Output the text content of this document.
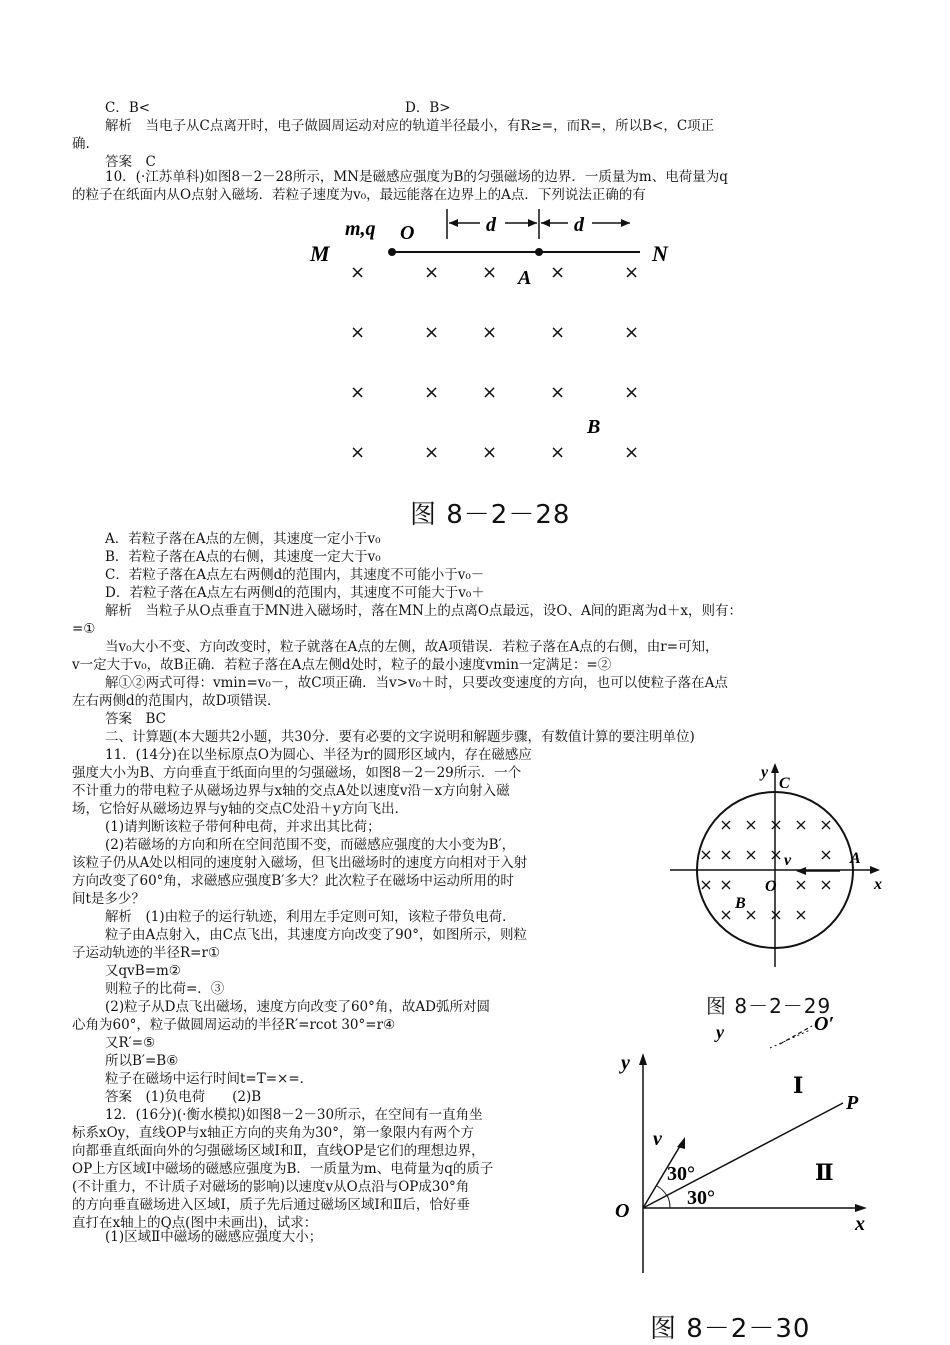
C．B<	D．B>
解析　当电子从C点离开时，电子做圆周运动对应的轨道半径最小，有R≥=，而R=，所以B<，C项正
确.
答案　C
10．(·江苏单科)如图8－2－28所示，MN是磁感应强度为B的匀强磁场的边界．一质量为m、电荷量为q
的粒子在纸面内从O点射入磁场．若粒子速度为v₀，最远能落在边界上的A点．下列说法正确的有
M	N
m,q O	d	d
A
B
×	× ×	×	×
×	× ×	×	×
×	× ×	×	×
×	× ×	×	×
图 8－2－28
A．若粒子落在A点的左侧，其速度一定小于v₀
B．若粒子落在A点的右侧，其速度一定大于v₀
C．若粒子落在A点左右两侧d的范围内，其速度不可能小于v₀－
D．若粒子落在A点左右两侧d的范围内，其速度不可能大于v₀＋
解析　当粒子从O点垂直于MN进入磁场时，落在MN上的点离O点最远，设O、A间的距离为d＋x，则有：
=①
当v₀大小不变、方向改变时，粒子就落在A点的左侧，故A项错误．若粒子落在A点的右侧，由r=可知，
v一定大于v₀，故B正确．若粒子落在A点左侧d处时，粒子的最小速度vmin一定满足：=②
解①②两式可得：vmin=v₀－，故C项正确．当v>v₀＋时，只要改变速度的方向，也可以使粒子落在A点
左右两侧d的范围内，故D项错误．
答案　BC
二、计算题(本大题共2小题，共30分．要有必要的文字说明和解题步骤，有数值计算的要注明单位)
11．(14分)在以坐标原点O为圆心、半径为r的圆形区域内，存在磁感应
强度大小为B、方向垂直于纸面向里的匀强磁场，如图8－2－29所示．一个
不计重力的带电粒子从磁场边界与x轴的交点A处以速度v沿－x方向射入磁
场，它恰好从磁场边界与y轴的交点C处沿＋y方向飞出．
(1)请判断该粒子带何种电荷，并求出其比荷；
(2)若磁场的方向和所在空间范围不变，而磁感应强度的大小变为B′，
该粒子仍从A处以相同的速度射入磁场，但飞出磁场时的速度方向相对于入射
方向改变了60°角，求磁感应强度B′多大？此次粒子在磁场中运动所用的时
间t是多少？
解析　(1)由粒子的运行轨迹，利用左手定则可知，该粒子带负电荷．
粒子由A点射入，由C点飞出，其速度方向改变了90°，如图所示，则粒
子运动轨迹的半径R=r①
又qvB=m②
则粒子的比荷=．③
(2)粒子从D点飞出磁场，速度方向改变了60°角，故AD弧所对圆
心角为60°，粒子做圆周运动的半径R′=rcot 30°=r④
又R′=⑤
所以B′=B⑥
粒子在磁场中运行时间t=T=×=．
答案　(1)负电荷　　(2)B
y
x
C
A
O
v
B
图 8－2－29
y	O′
12．(16分)(·衡水模拟)如图8－2－30所示，在空间有一直角坐
标系xOy，直线OP与x轴正方向的夹角为30°，第一象限内有两个方
向都垂直纸面向外的匀强磁场区域Ⅰ和Ⅱ，直线OP是它们的理想边界，
OP上方区域Ⅰ中磁场的磁感应强度为B．一质量为m、电荷量为q的质子
(不计重力，不计质子对磁场的影响)以速度v从O点沿与OP成30°角
的方向垂直磁场进入区域Ⅰ，质子先后通过磁场区域Ⅰ和Ⅱ后，恰好垂
直打在x轴上的Q点(图中未画出)，试求：
(1)区域Ⅱ中磁场的磁感应强度大小；
y
x
O
v
P
Ⅰ
Ⅱ
30°
30°
图 8－2－30
